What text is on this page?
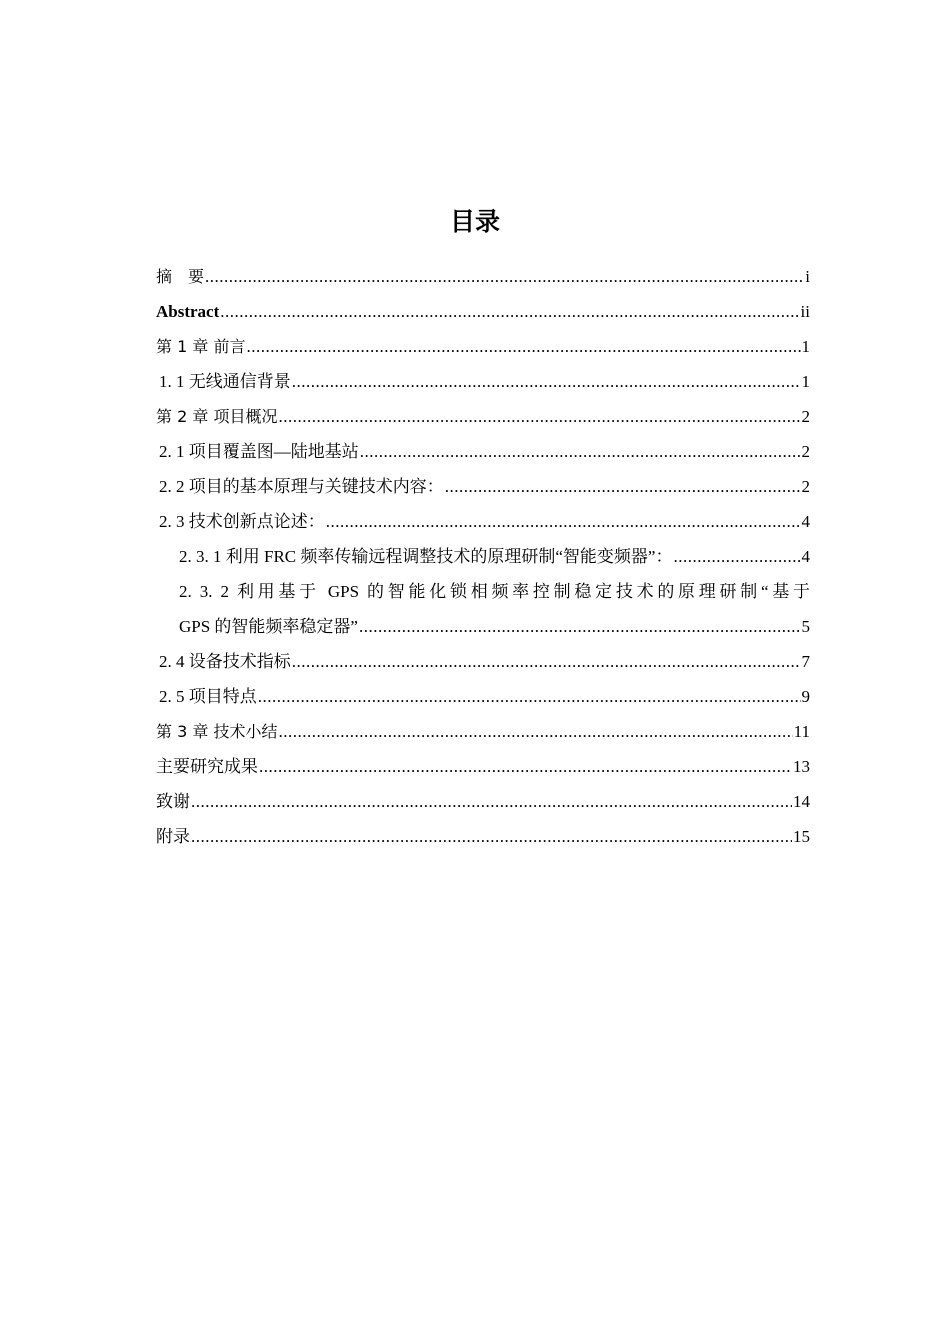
目录
摘　要 .....	i
Abstract .....	ii
第 1 章 前言 .....	1
1. 1 无线通信背景 .....	1
第 2 章 项目概况 .....	2
2. 1 项目覆盖图—陆地基站 .....	2
2. 2 项目的基本原理与关键技术内容： .....	2
2. 3 技术创新点论述： .....	4
2. 3. 1 利用 FRC 频率传输远程调整技术的原理研制“智能变频器”： .....	4
2. 3. 2 利用基于 GPS 的智能化锁相频率控制稳定技术的原理研制“基于
GPS 的智能频率稳定器” .....	5
2. 4 设备技术指标 .....	7
2. 5 项目特点 .....	9
第 3 章 技术小结 .....	11
主要研究成果 .....	13
致谢 .....	14
附录 .....	15
